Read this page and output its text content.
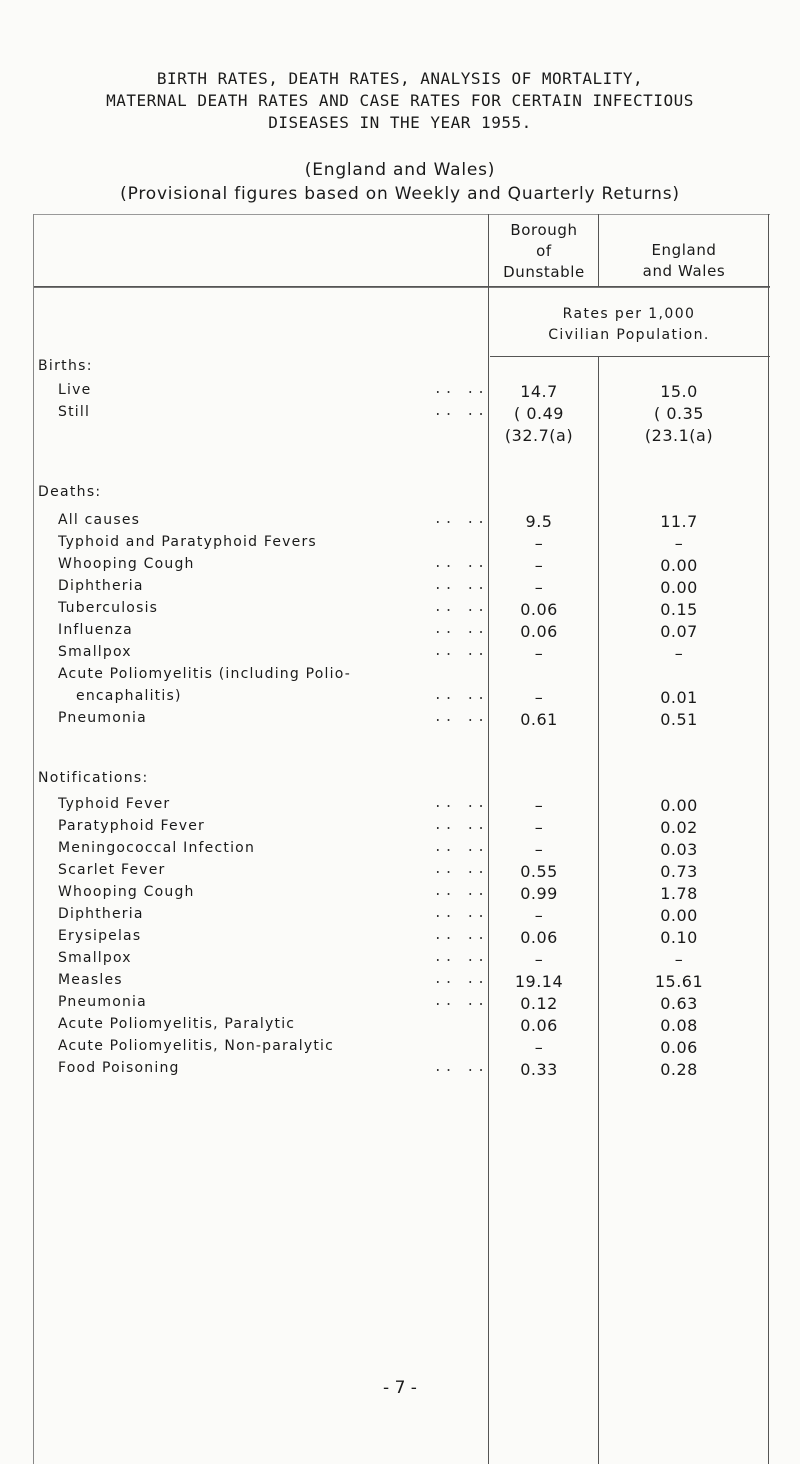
BIRTH RATES, DEATH RATES, ANALYSIS OF MORTALITY,
MATERNAL DEATH RATES AND CASE RATES FOR CERTAIN INFECTIOUS
DISEASES IN THE YEAR 1955.
(England and Wales)
(Provisional figures based on Weekly and Quarterly Returns)
Borough
of
Dunstable
England
and Wales
Rates per 1,000
Civilian Population.
Births:
Live	.. ..	14.7	15.0
Still	.. ..	( 0.49	( 0.35
(32.7(a)	(23.1(a)
Deaths:
All causes	.. ..	9.5	11.7
Typhoid and Paratyphoid Fevers	–	–
Whooping Cough	.. ..	–	0.00
Diphtheria	.. ..	–	0.00
Tuberculosis	.. ..	0.06	0.15
Influenza	.. ..	0.06	0.07
Smallpox	.. ..	–	–
Acute Poliomyelitis (including Polio-
encaphalitis)	.. ..	–	0.01
Pneumonia	.. ..	0.61	0.51
Notifications:
Typhoid Fever	.. ..	–	0.00
Paratyphoid Fever	.. ..	–	0.02
Meningococcal Infection	.. ..	–	0.03
Scarlet Fever	.. ..	0.55	0.73
Whooping Cough	.. ..	0.99	1.78
Diphtheria	.. ..	–	0.00
Erysipelas	.. ..	0.06	0.10
Smallpox	.. ..	–	–
Measles	.. ..	19.14	15.61
Pneumonia	.. ..	0.12	0.63
Acute Poliomyelitis, Paralytic	0.06	0.08
Acute Poliomyelitis, Non-paralytic	–	0.06
Food Poisoning	.. ..	0.33	0.28
- 7 -
